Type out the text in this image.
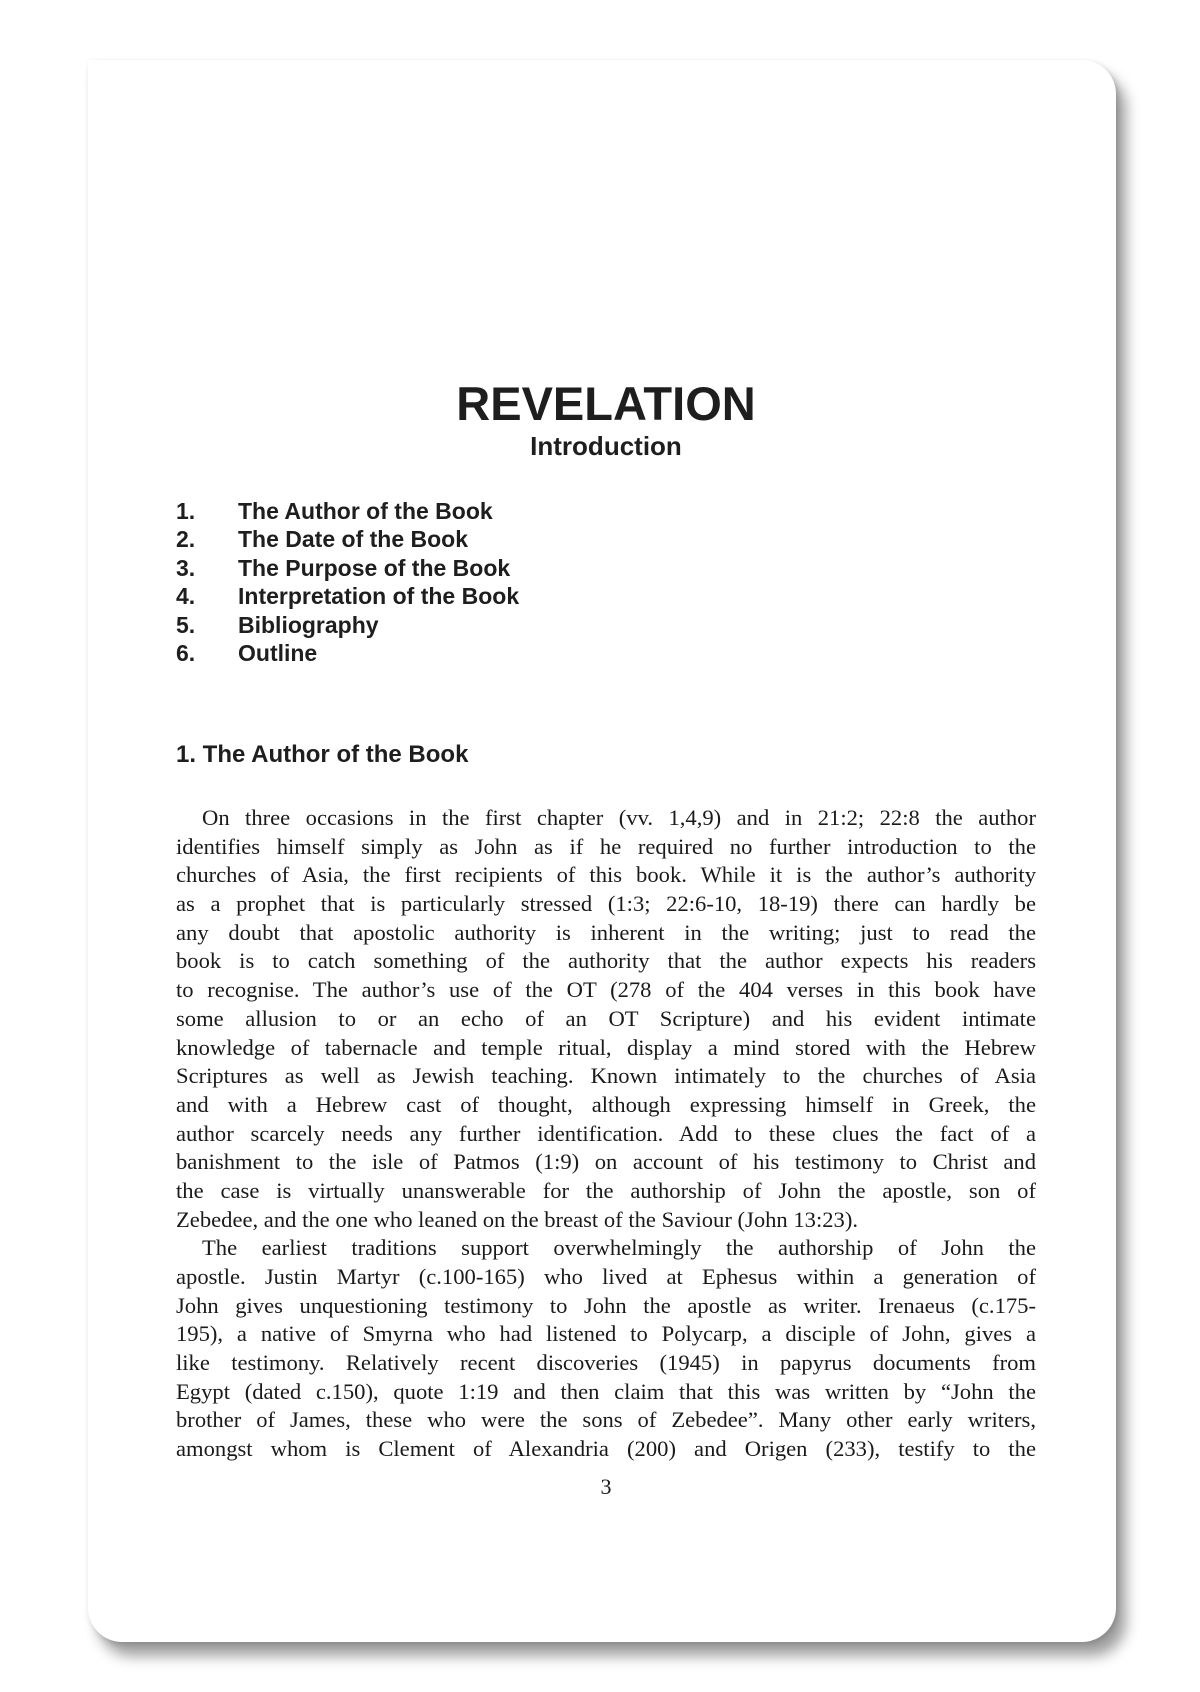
REVELATION
Introduction
1. The Author of the Book
2. The Date of the Book
3. The Purpose of the Book
4. Interpretation of the Book
5. Bibliography
6. Outline
1. The Author of the Book
On three occasions in the first chapter (vv. 1,4,9) and in 21:2; 22:8 the author
identifies himself simply as John as if he required no further introduction to the
churches of Asia, the first recipients of this book. While it is the author’s authority
as a prophet that is particularly stressed (1:3; 22:6-10, 18-19) there can hardly be
any doubt that apostolic authority is inherent in the writing; just to read the
book is to catch something of the authority that the author expects his readers
to recognise. The author’s use of the OT (278 of the 404 verses in this book have
some allusion to or an echo of an OT Scripture) and his evident intimate
knowledge of tabernacle and temple ritual, display a mind stored with the Hebrew
Scriptures as well as Jewish teaching. Known intimately to the churches of Asia
and with a Hebrew cast of thought, although expressing himself in Greek, the
author scarcely needs any further identification. Add to these clues the fact of a
banishment to the isle of Patmos (1:9) on account of his testimony to Christ and
the case is virtually unanswerable for the authorship of John the apostle, son of
Zebedee, and the one who leaned on the breast of the Saviour (John 13:23).
The earliest traditions support overwhelmingly the authorship of John the
apostle. Justin Martyr (c.100-165) who lived at Ephesus within a generation of
John gives unquestioning testimony to John the apostle as writer. Irenaeus (c.175-
195), a native of Smyrna who had listened to Polycarp, a disciple of John, gives a
like testimony. Relatively recent discoveries (1945) in papyrus documents from
Egypt (dated c.150), quote 1:19 and then claim that this was written by “John the
brother of James, these who were the sons of Zebedee”. Many other early writers,
amongst whom is Clement of Alexandria (200) and Origen (233), testify to the
3
